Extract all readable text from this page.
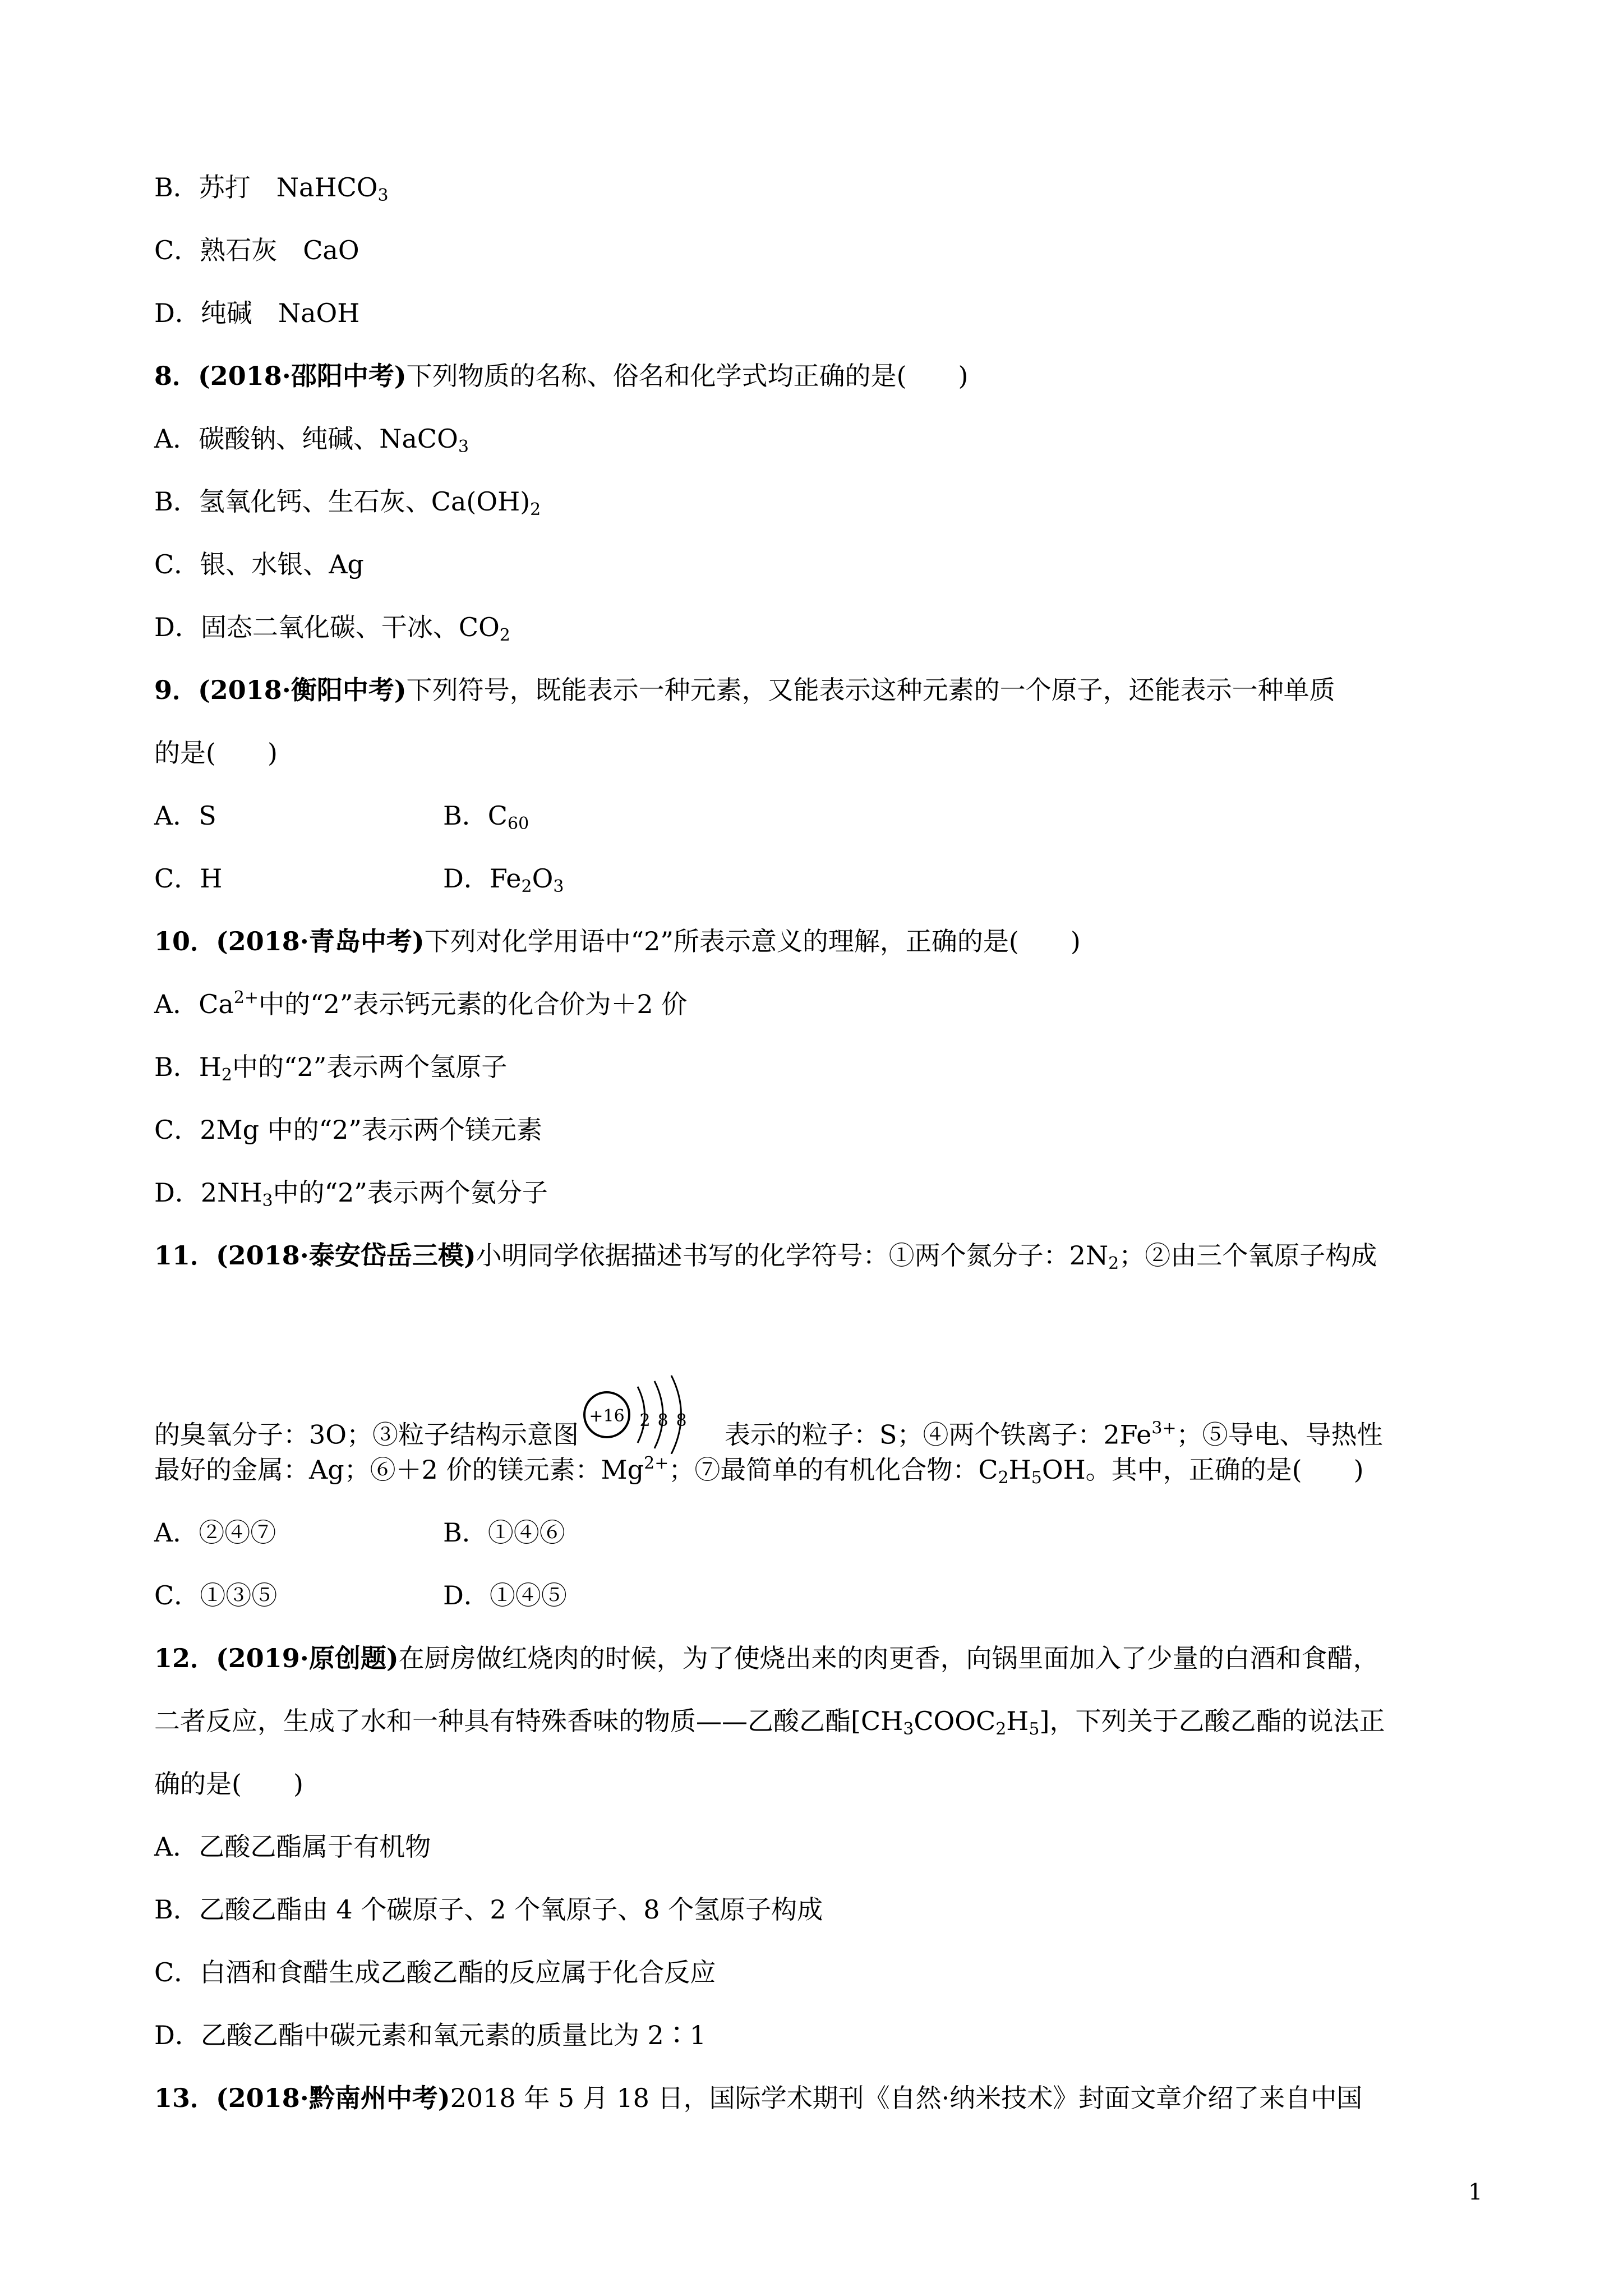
B．苏打　NaHCO$_3$
C．熟石灰　CaO
D．纯碱　NaOH
8．(2018·邵阳中考)下列物质的名称、俗名和化学式均正确的是(　　)
A．碳酸钠、纯碱、NaCO$_3$
B．氢氧化钙、生石灰、$Ca(OH)_2$
C．银、水银、Ag
D．固态二氧化碳、干冰、$CO_2$
9．(2018·衡阳中考)下列符号，既能表示一种元素，又能表示这种元素的一个原子，还能表示一种单质
的是(　　)
A．S	B．$C_{60}$
C．H	D．$Fe_2O_3$
10．(2018·青岛中考)下列对化学用语中“2”所表示意义的理解，正确的是(　　)
A．$Ca^{2+}$中的“2”表示钙元素的化合价为＋2 价
B．$H_2$中的“2”表示两个氢原子
C．2Mg 中的“2”表示两个镁元素
D．$2NH_3$中的“2”表示两个氨分子
11．(2018·泰安岱岳三模)小明同学依据描述书写的化学符号：①两个氮分子：$2N_2$；②由三个氧原子构成
的臭氧分子：3O；③粒子结构示意图
+16 2 8 8 表示的粒子：S；④两个铁离子：$2Fe^{3+}$；⑤导电、导热性
最好的金属：Ag；⑥＋2 价的镁元素：$Mg^{2+}$；⑦最简单的有机化合物：$C_2H_5OH$。其中，正确的是(　　)
A．②④⑦	B．①④⑥
C．①③⑤	D．①④⑤
12．(2019·原创题)在厨房做红烧肉的时候，为了使烧出来的肉更香，向锅里面加入了少量的白酒和食醋，
二者反应，生成了水和一种具有特殊香味的物质——乙酸乙酯$[CH_3COOC_2H_5]$，下列关于乙酸乙酯的说法正
确的是(　　)
A．乙酸乙酯属于有机物
B．乙酸乙酯由 4 个碳原子、2 个氧原子、8 个氢原子构成
C．白酒和食醋生成乙酸乙酯的反应属于化合反应
D．乙酸乙酯中碳元素和氧元素的质量比为 2∶1
13．(2018·黔南州中考)2018 年 5 月 18 日，国际学术期刊《自然·纳米技术》封面文章介绍了来自中国
1
